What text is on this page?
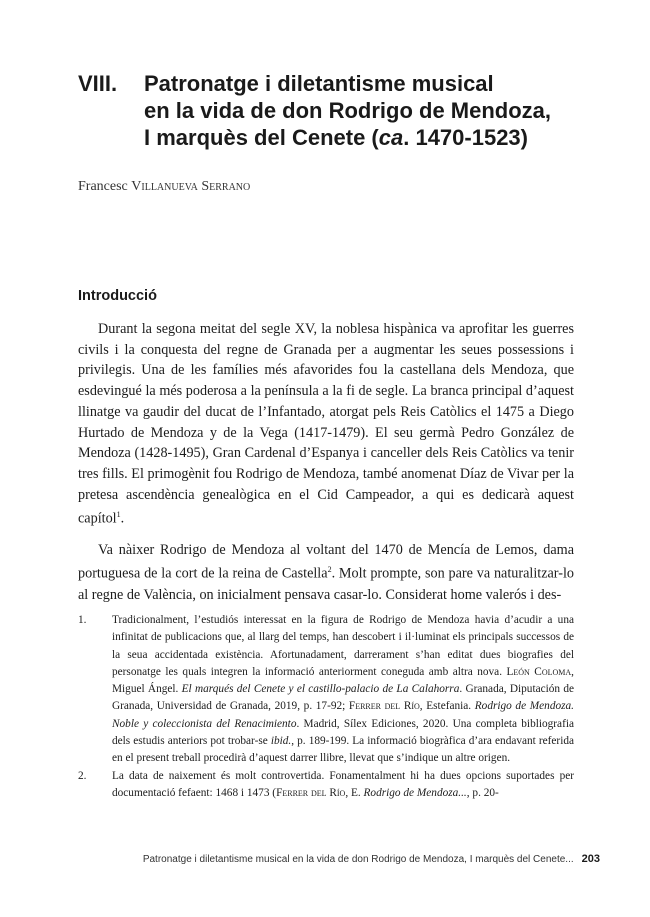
VIII. Patronatge i diletantisme musical
en la vida de don Rodrigo de Mendoza,
I marquès del Cenete (ca. 1470-1523)
Francesc Villanueva Serrano
Introducció

Durant la segona meitat del segle XV, la noblesa hispànica va aprofitar les guerres civils i la conquesta del regne de Granada per a augmentar les seues possessions i privilegis. Una de les famílies més afavorides fou la castellana dels Mendoza, que esdevingué la més poderosa a la península a la fi de segle. La branca principal d’aquest llinatge va gaudir del ducat de l’Infantado, atorgat pels Reis Catòlics el 1475 a Diego Hurtado de Mendoza y de la Vega (1417-1479). El seu germà Pedro González de Mendoza (1428-1495), Gran Cardenal d’Espanya i canceller dels Reis Catòlics va tenir tres fills. El primogènit fou Rodrigo de Mendoza, també anomenat Díaz de Vivar per la pretesa ascendència genealògica en el Cid Campeador, a qui es dedicarà aquest capítol$^1$.

Va nàixer Rodrigo de Mendoza al voltant del 1470 de Mencía de Lemos, dama portuguesa de la cort de la reina de Castella$^2$. Molt prompte, son pare va naturalitzar-lo al regne de València, on inicialment pensava casar-lo. Considerat home valerós i des-

1. Tradicionalment, l’estudiós interessat en la figura de Rodrigo de Mendoza havia d’acudir a una infinitat de publicacions que, al llarg del temps, han descobert i il·luminat els principals successos de la seua accidentada existència. Afortunadament, darrerament s’han editat dues biografies del personatge les quals integren la informació anteriorment coneguda amb altra nova. León Coloma, Miguel Ángel. El marqués del Cenete y el castillo-palacio de La Calahorra. Granada, Diputación de Granada, Universidad de Granada, 2019, p. 17-92; Ferrer del Río, Estefania. Rodrigo de Mendoza. Noble y coleccionista del Renacimiento. Madrid, Sílex Ediciones, 2020. Una completa bibliografia dels estudis anteriors pot trobar-se ibid., p. 189-199. La informació biogràfica d’ara endavant referida en el present treball procedirà d’aquest darrer llibre, llevat que s’indique un altre origen.

2. La data de naixement és molt controvertida. Fonamentalment hi ha dues opcions suportades per documentació fefaent: 1468 i 1473 (Ferrer del Río, E. Rodrigo de Mendoza..., p. 20-

Patronatge i diletantisme musical en la vida de don Rodrigo de Mendoza, I marquès del Cenete... 203
